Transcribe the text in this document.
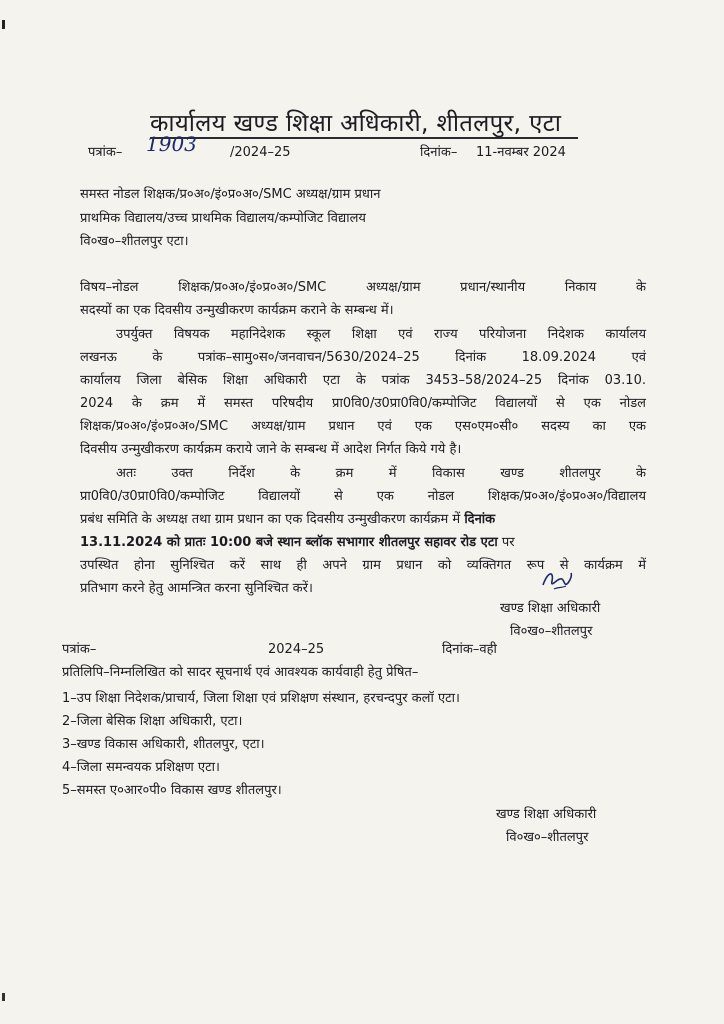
कार्यालय खण्ड शिक्षा अधिकारी, शीतलपुर, एटा
पत्रांक– 1903	/2024–25	दिनांक– 11-नवम्बर 2024
समस्त नोडल शिक्षक/प्र०अ०/इं०प्र०अ०/SMC अध्यक्ष/ग्राम प्रधान
प्राथमिक विद्यालय/उच्च प्राथमिक विद्यालय/कम्पोजिट विद्यालय
वि०ख०–शीतलपुर एटा।
विषय–नोडल शिक्षक/प्र०अ०/इं०प्र०अ०/SMC अध्यक्ष/ग्राम प्रधान/स्थानीय निकाय के
सदस्यों का एक दिवसीय उन्मुखीकरण कार्यक्रम कराने के सम्बन्ध में।
उपर्युक्त विषयक महानिदेशक स्कूल शिक्षा एवं राज्य परियोजना निदेशक कार्यालय
लखनऊ के पत्रांक–सामु०स०/जनवाचन/5630/2024–25 दिनांक 18.09.2024 एवं
कार्यालय जिला बेसिक शिक्षा अधिकारी एटा के पत्रांक 3453–58/2024–25 दिनांक 03.10.
2024 के क्रम में समस्त परिषदीय प्रा0वि0/उ0प्रा0वि0/कम्पोजिट विद्यालयों से एक नोडल
शिक्षक/प्र०अ०/इं०प्र०अ०/SMC अध्यक्ष/ग्राम प्रधान एवं एक एस०एम०सी० सदस्य का एक
दिवसीय उन्मुखीकरण कार्यक्रम कराये जाने के सम्बन्ध में आदेश निर्गत किये गये है।
अतः उक्त निर्देश के क्रम में विकास खण्ड शीतलपुर के
प्रा0वि0/उ0प्रा0वि0/कम्पोजिट विद्यालयों से एक नोडल शिक्षक/प्र०अ०/इं०प्र०अ०/विद्यालय
प्रबंध समिति के अध्यक्ष तथा ग्राम प्रधान का एक दिवसीय उन्मुखीकरण कार्यक्रम में दिनांक
13.11.2024 को प्रातः 10:00 बजे स्थान ब्लॉक सभागार शीतलपुर सहावर रोड एटा पर
उपस्थित होना सुनिश्चित करें साथ ही अपने ग्राम प्रधान को व्यक्तिगत रूप से कार्यक्रम में
प्रतिभाग करने हेतु आमन्त्रित करना सुनिश्चित करें।
खण्ड शिक्षा अधिकारी
वि०ख०–शीतलपुर
पत्रांक–	2024–25	दिनांक–वही
प्रतिलिपि–निम्नलिखित को सादर सूचनार्थ एवं आवश्यक कार्यवाही हेतु प्रेषित–
1–उप शिक्षा निदेशक/प्राचार्य, जिला शिक्षा एवं प्रशिक्षण संस्थान, हरचन्दपुर कलॉ एटा।
2–जिला बेसिक शिक्षा अधिकारी, एटा।
3–खण्ड विकास अधिकारी, शीतलपुर, एटा।
4–जिला समन्वयक प्रशिक्षण एटा।
5–समस्त ए०आर०पी० विकास खण्ड शीतलपुर।
खण्ड शिक्षा अधिकारी
वि०ख०–शीतलपुर
